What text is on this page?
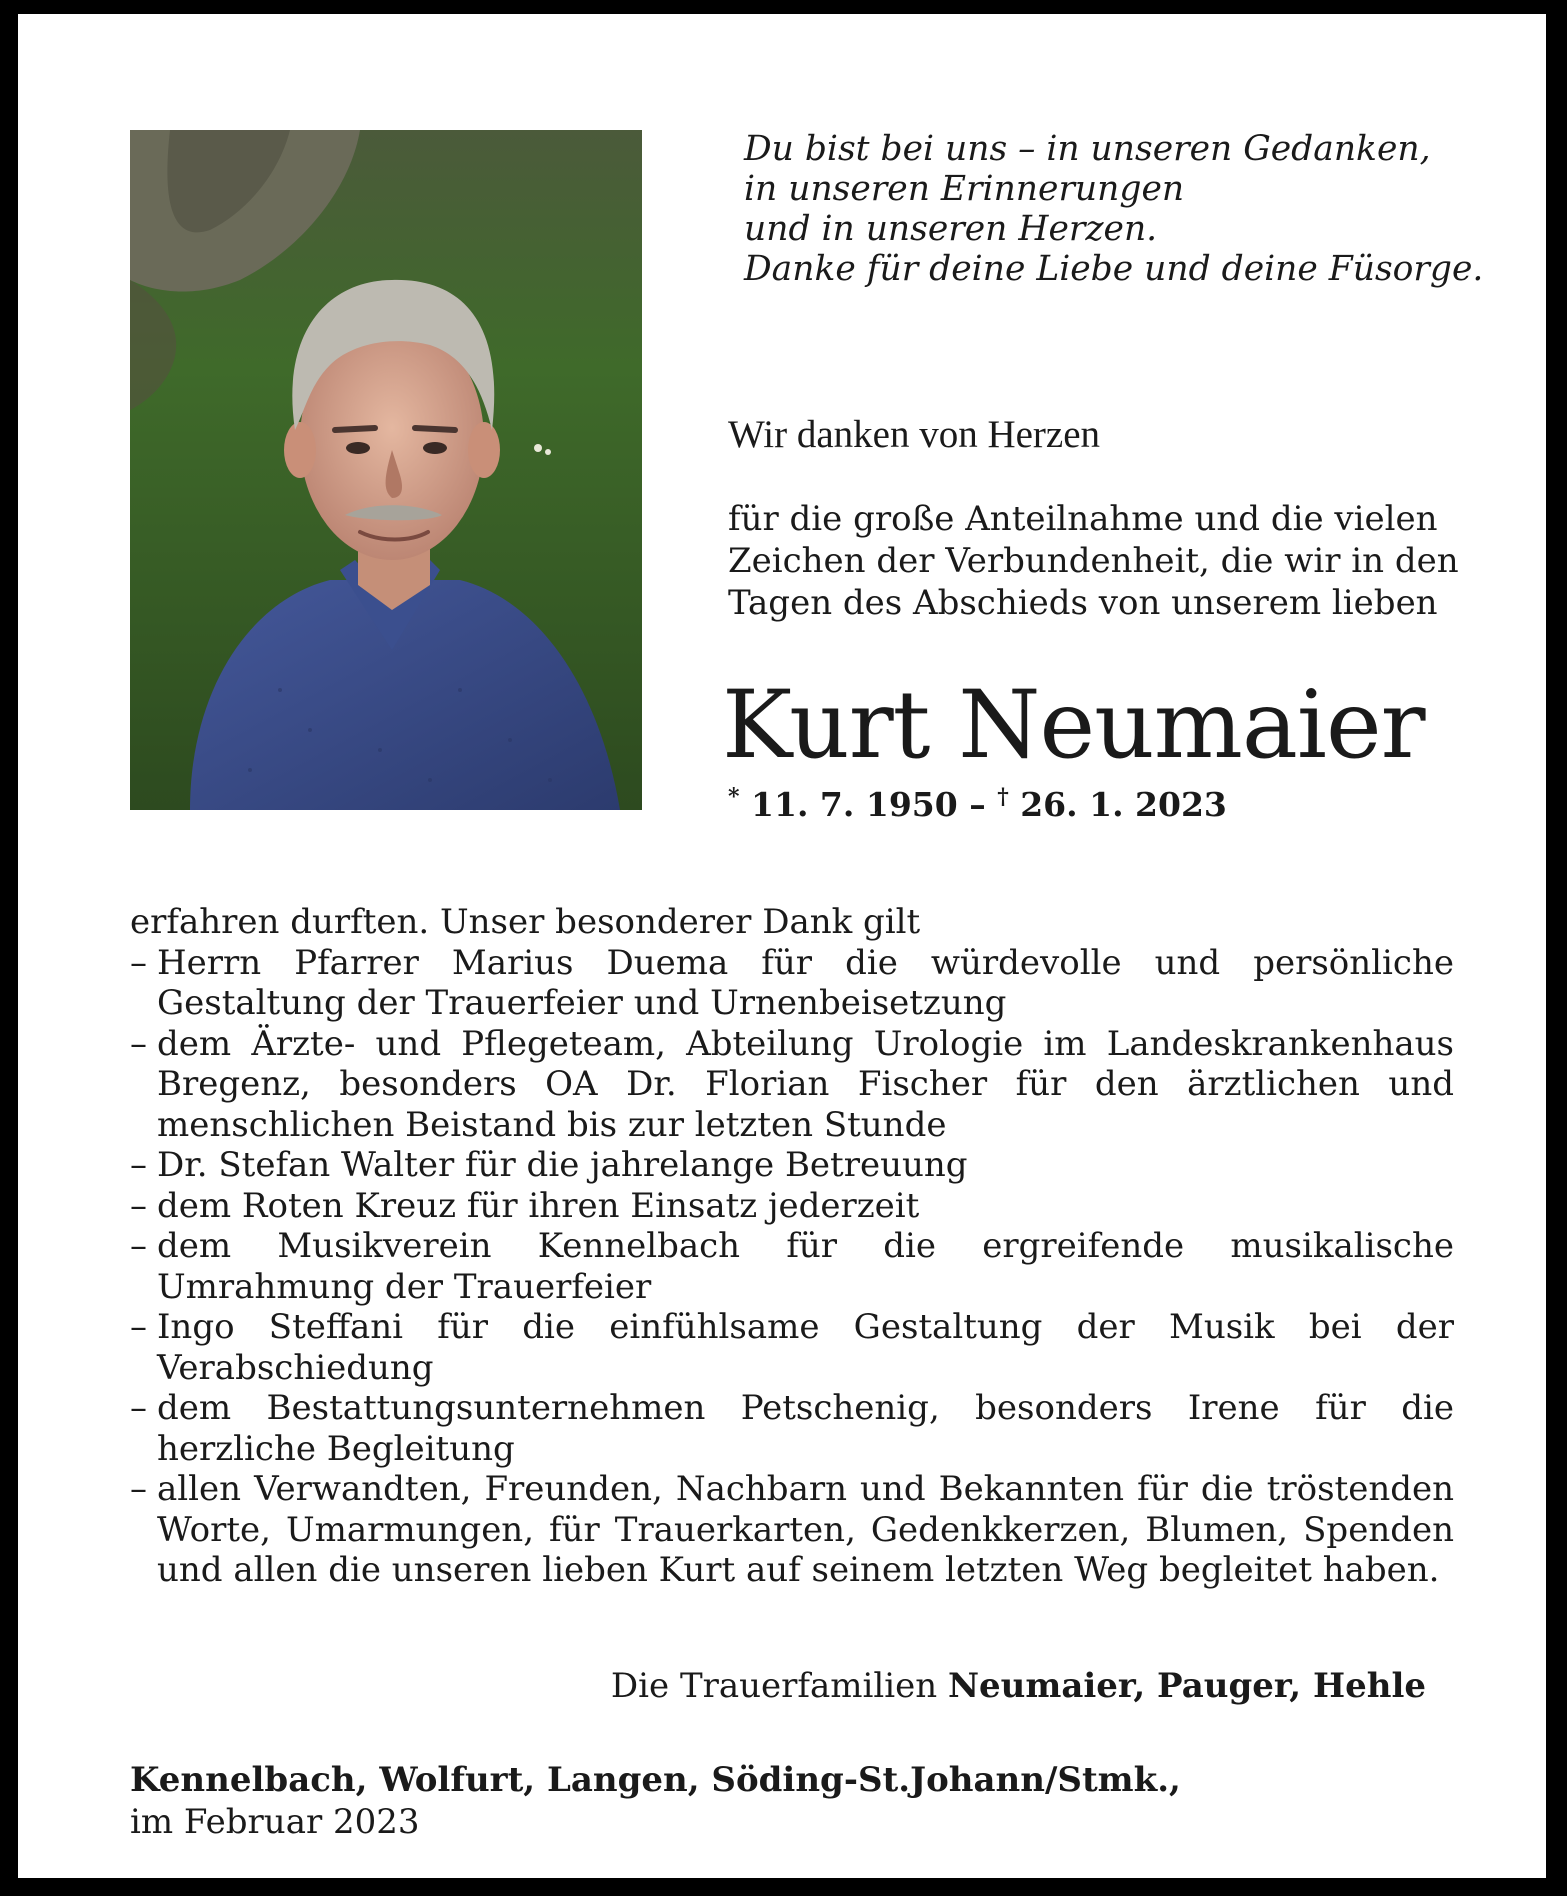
Du bist bei uns – in unseren Gedanken,
in unseren Erinnerungen
und in unseren Herzen.
Danke für deine Liebe und deine Füsorge.
Wir danken von Herzen
für die große Anteilnahme und die vielen
Zeichen der Verbundenheit, die wir in den
Tagen des Abschieds von unserem lieben
Kurt Neumaier
* 11. 7. 1950 – † 26. 1. 2023
erfahren durften. Unser besonderer Dank gilt
– Herrn Pfarrer Marius Duema für die würdevolle und persönliche Gestaltung der Trauerfeier und Urnenbeisetzung
– dem Ärzte- und Pflegeteam, Abteilung Urologie im Landeskrankenhaus Bregenz, besonders OA Dr. Florian Fischer für den ärztlichen und menschlichen Beistand bis zur letzten Stunde
– Dr. Stefan Walter für die jahrelange Betreuung
– dem Roten Kreuz für ihren Einsatz jederzeit
– dem Musikverein Kennelbach für die ergreifende musikalische Umrahmung der Trauerfeier
– Ingo Steffani für die einfühlsame Gestaltung der Musik bei der Verabschiedung
– dem Bestattungsunternehmen Petschenig, besonders Irene für die herzliche Begleitung
– allen Verwandten, Freunden, Nachbarn und Bekannten für die tröstenden Worte, Umarmungen, für Trauerkarten, Gedenkkerzen, Blumen, Spenden und allen die unseren lieben Kurt auf seinem letzten Weg begleitet haben.
Die Trauerfamilien Neumaier, Pauger, Hehle
Kennelbach, Wolfurt, Langen, Söding-St.Johann/Stmk.,
im Februar 2023
